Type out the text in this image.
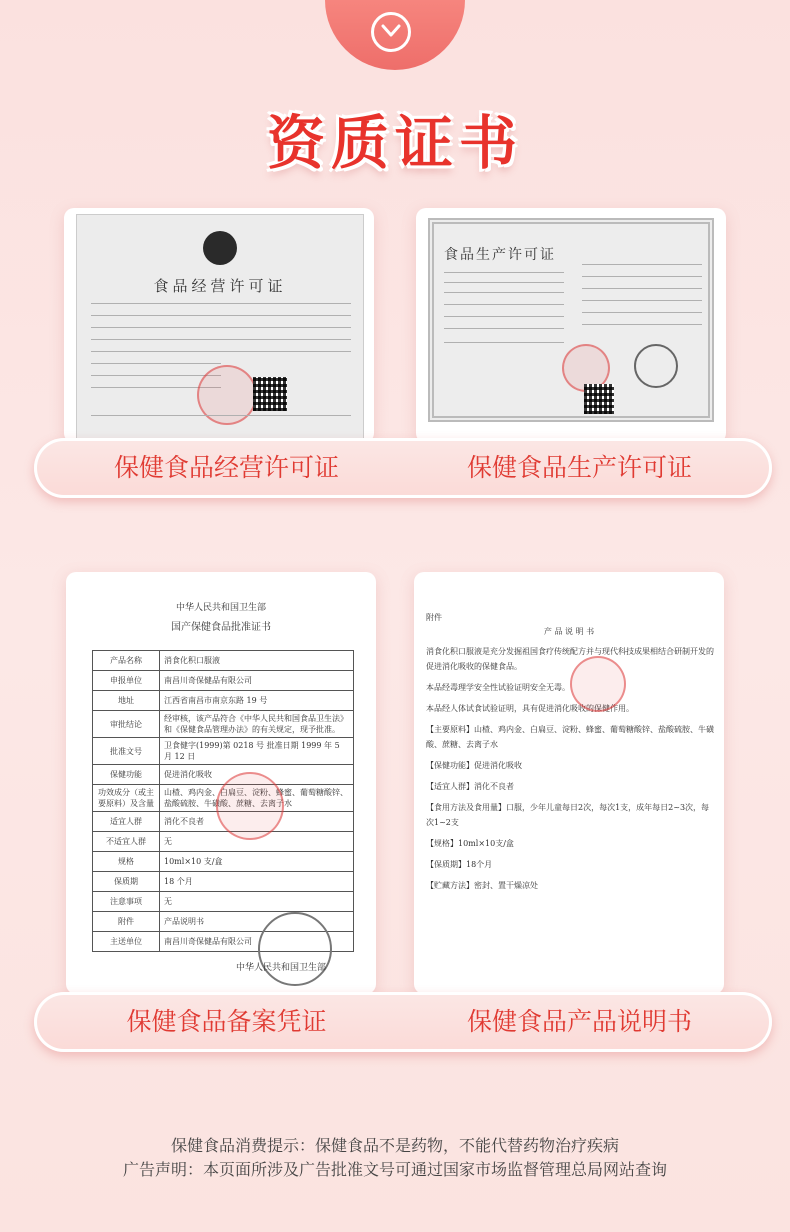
资质证书
食品经营许可证
食品生产许可证
保健食品经营许可证	保健食品生产许可证
中华人民共和国卫生部
国产保健食品批准证书
产品名称	消食化积口服液
申报单位	南昌川奇保健品有限公司
地址	江西省南昌市南京东路 19 号
审批结论	经审核，该产品符合《中华人民共和国食品卫生法》和《保健食品管理办法》的有关规定，现予批准。
批准文号	卫食健字(1999)第 0218 号 批准日期 1999 年 5 月 12 日
保健功能	促进消化吸收
功效成分（或主要原料）及含量	山楂、鸡内金、白扁豆、淀粉、蜂蜜、葡萄糖酸锌、盐酸硫胺、牛磺酸、蔗糖、去离子水
适宜人群	消化不良者
不适宜人群	无
规格	10ml×10 支/盒
保质期	18 个月
注意事项	无
附件	产品说明书
主送单位	南昌川奇保健品有限公司
中华人民共和国卫生部
附件
产 品 说 明 书
消食化积口服液是充分发掘祖国食疗传统配方并与现代科技成果相结合研制开发的促进消化吸收的保健食品。
本品经毒理学安全性试验证明安全无毒。
本品经人体试食试验证明，具有促进消化吸收的保健作用。
【主要原料】山楂、鸡内金、白扁豆、淀粉、蜂蜜、葡萄糖酸锌、盐酸硫胺、牛磺酸、蔗糖、去离子水
【保健功能】促进消化吸收
【适宜人群】消化不良者
【食用方法及食用量】口服，少年儿童每日2次，每次1支，成年每日2~3次，每次1~2支
【规格】10ml×10支/盒
【保质期】18个月
【贮藏方法】密封、置干燥凉处
保健食品备案凭证	保健食品产品说明书
保健食品消费提示：保健食品不是药物，不能代替药物治疗疾病
广告声明：本页面所涉及广告批准文号可通过国家市场监督管理总局网站查询
